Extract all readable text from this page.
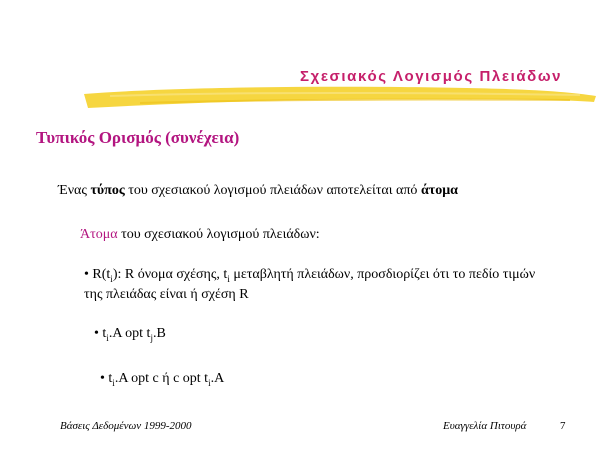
Σχεσιακός Λογισμός Πλειάδων
Τυπικός Ορισμός (συνέχεια)
Ένας τύπος του σχεσιακού λογισμού πλειάδων αποτελείται από άτομα
Άτομα του σχεσιακού λογισμού πλειάδων:
• $R(t_i)$: R όνομα σχέσης, $t_i$ μεταβλητή πλειάδων, προσδιορίζει ότι το πεδίο τιμών της πλειάδας είναι ή σχέση R
• $t_i.A$ opt $t_j.B$
• $t_i.A$ opt c ή c opt $t_i.A$
Βάσεις Δεδομένων 1999-2000	Ευαγγελία Πιτουρά	7
